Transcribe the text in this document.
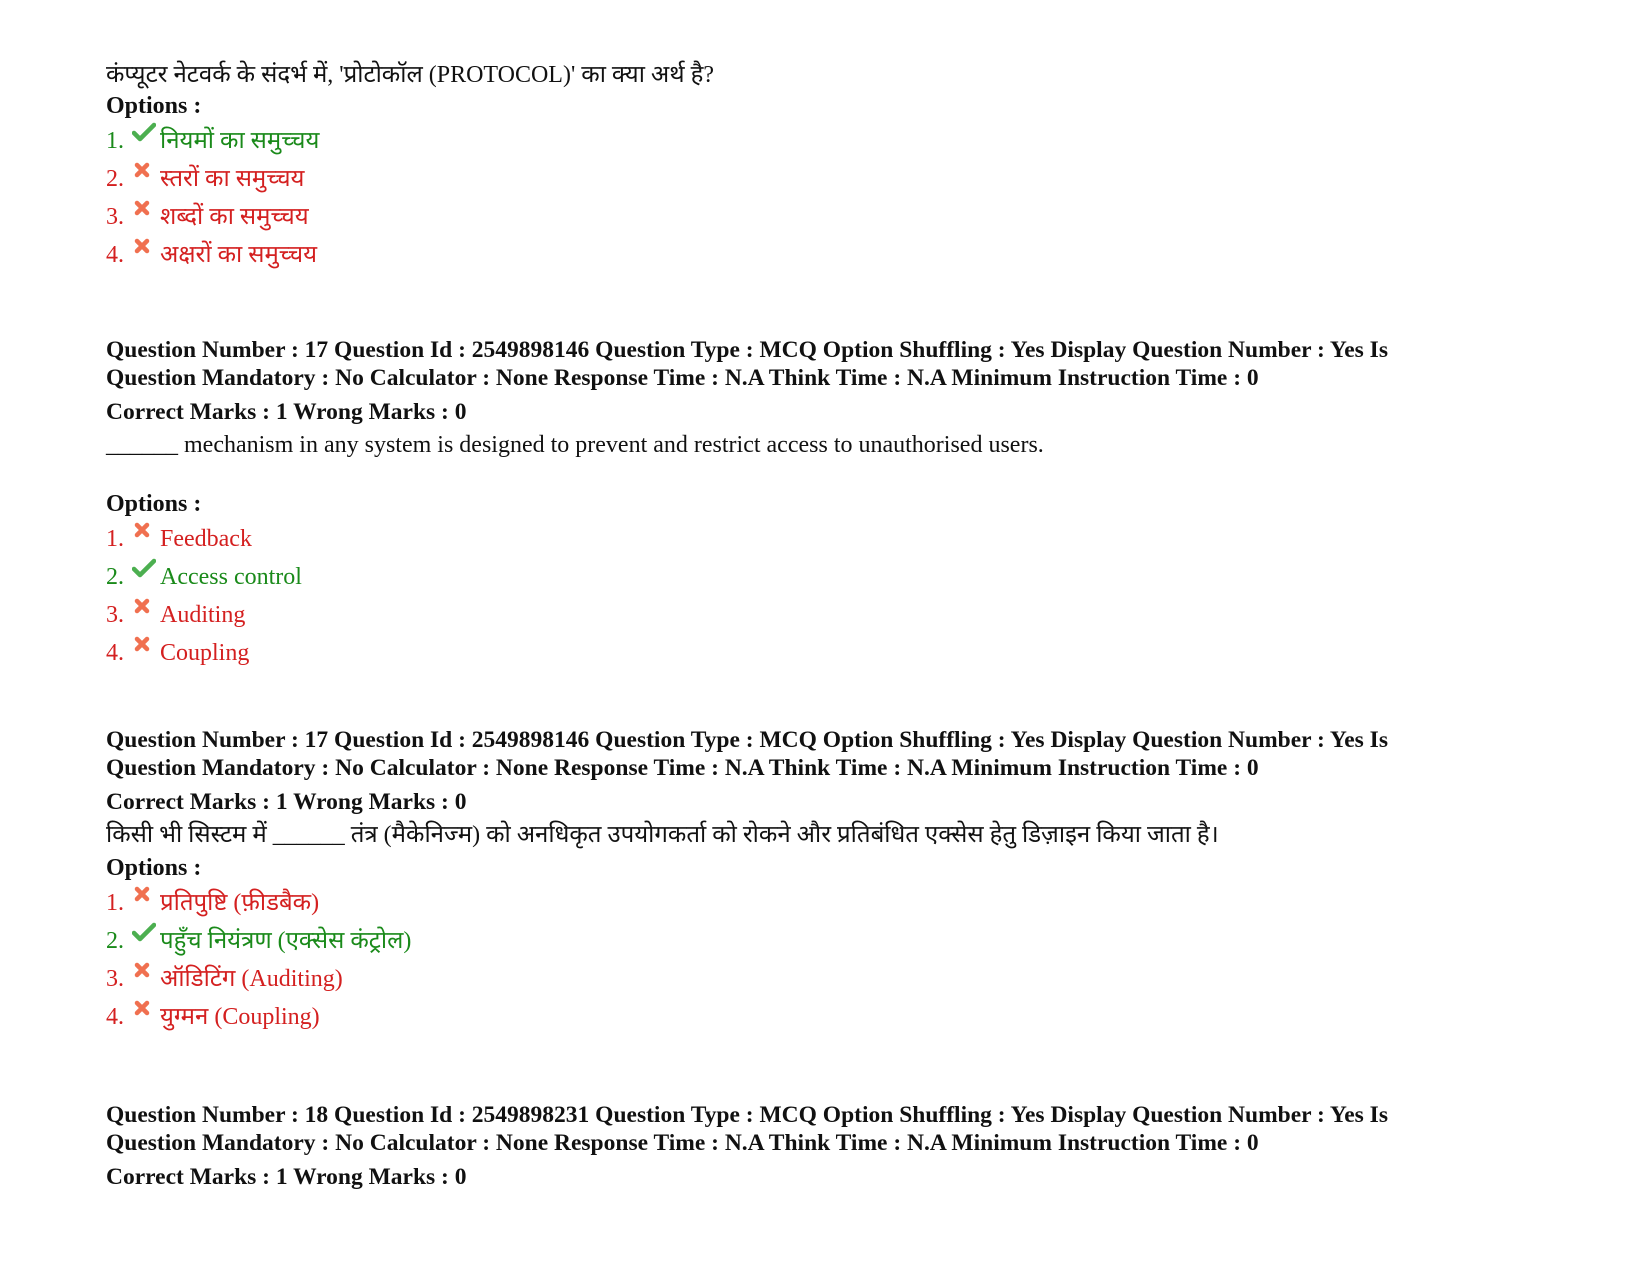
कंप्यूटर नेटवर्क के संदर्भ में, 'प्रोटोकॉल (PROTOCOL)' का क्या अर्थ है?
Options :
1.	नियमों का समुच्चय
2.	स्तरों का समुच्चय
3.	शब्दों का समुच्चय
4.	अक्षरों का समुच्चय
Question Number : 17 Question Id : 2549898146 Question Type : MCQ Option Shuffling : Yes Display Question Number : Yes Is
Question Mandatory : No Calculator : None Response Time : N.A Think Time : N.A Minimum Instruction Time : 0
Correct Marks : 1 Wrong Marks : 0
______ mechanism in any system is designed to prevent and restrict access to unauthorised users.
Options :
1.	Feedback
2.	Access control
3.	Auditing
4.	Coupling
Question Number : 17 Question Id : 2549898146 Question Type : MCQ Option Shuffling : Yes Display Question Number : Yes Is
Question Mandatory : No Calculator : None Response Time : N.A Think Time : N.A Minimum Instruction Time : 0
Correct Marks : 1 Wrong Marks : 0
किसी भी सिस्टम में ______ तंत्र (मैकेनिज्म) को अनधिकृत उपयोगकर्ता को रोकने और प्रतिबंधित एक्सेस हेतु डिज़ाइन किया जाता है।
Options :
1.	प्रतिपुष्टि (फ़ीडबैक)
2.	पहुँच नियंत्रण (एक्सेस कंट्रोल)
3.	ऑडिटिंग (Auditing)
4.	युग्मन (Coupling)
Question Number : 18 Question Id : 2549898231 Question Type : MCQ Option Shuffling : Yes Display Question Number : Yes Is
Question Mandatory : No Calculator : None Response Time : N.A Think Time : N.A Minimum Instruction Time : 0
Correct Marks : 1 Wrong Marks : 0
